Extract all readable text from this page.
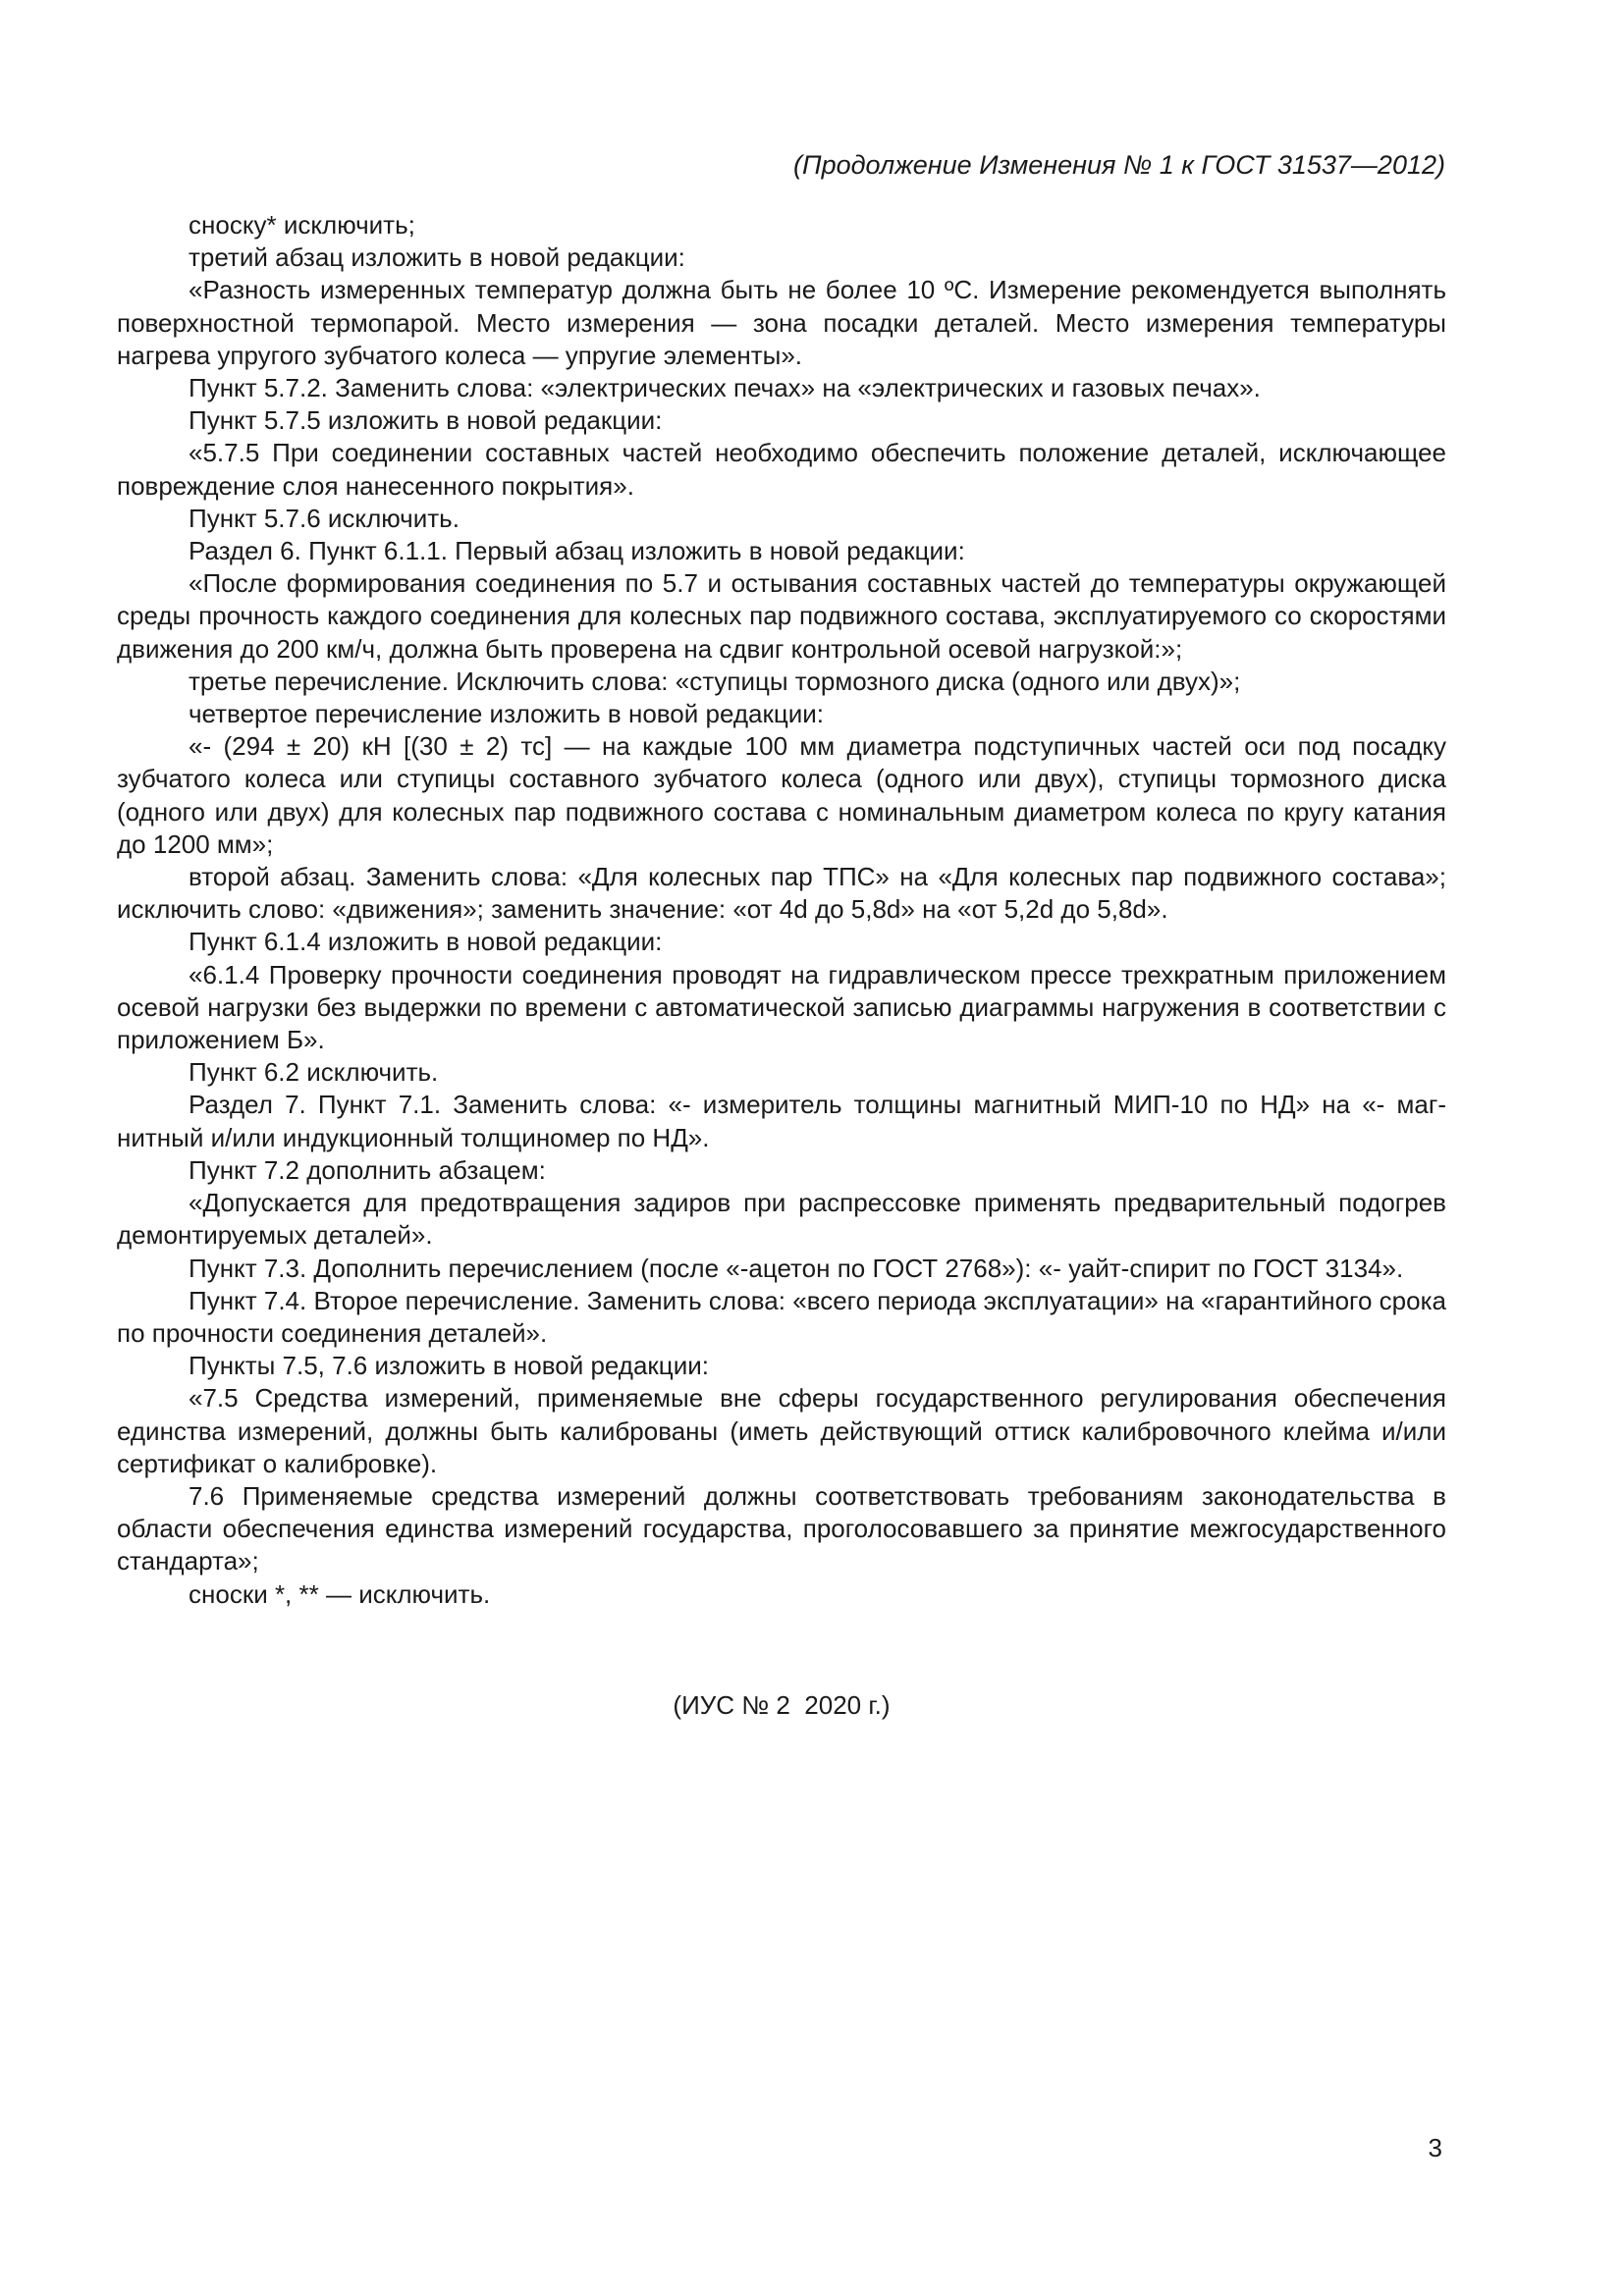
(Продолжение Изменения № 1 к ГОСТ 31537—2012)

сноску* исключить;

третий абзац изложить в новой редакции:

«Разность измеренных температур должна быть не более 10 ºС. Измерение рекомендуется выполнять поверхностной термопарой. Место измерения — зона посадки деталей. Место измерения температуры нагрева упругого зубчатого колеса — упругие элементы».

Пункт 5.7.2. Заменить слова: «электрических печах» на «электрических и газовых печах».

Пункт 5.7.5 изложить в новой редакции:

«5.7.5 При соединении составных частей необходимо обеспечить положение деталей, исключающее повреждение слоя нанесенного покрытия».

Пункт 5.7.6 исключить.

Раздел 6. Пункт 6.1.1. Первый абзац изложить в новой редакции:

«После формирования соединения по 5.7 и остывания составных частей до температуры окружающей среды прочность каждого соединения для колесных пар подвижного состава, эксплуатируемого со скоростями движения до 200 км/ч, должна быть проверена на сдвиг контрольной осевой нагрузкой:»;

третье перечисление. Исключить слова: «ступицы тормозного диска (одного или двух)»;

четвертое перечисление изложить в новой редакции:

«- (294 ± 20) кН [(30 ± 2) тс] — на каждые 100 мм диаметра подступичных частей оси под посадку зубчатого колеса или ступицы составного зубчатого колеса (одного или двух), ступицы тормозного диска (одного или двух) для колесных пар подвижного состава с номинальным диаметром колеса по кругу катания до 1200 мм»;

второй абзац. Заменить слова: «Для колесных пар ТПС» на «Для колесных пар подвижного состава»; исключить слово: «движения»; заменить значение: «от 4d до 5,8d» на «от 5,2d до 5,8d».

Пункт 6.1.4 изложить в новой редакции:

«6.1.4 Проверку прочности соединения проводят на гидравлическом прессе трехкратным приложением осевой нагрузки без выдержки по времени с автоматической записью диаграммы нагружения в соответствии с приложением Б».

Пункт 6.2 исключить.

Раздел 7. Пункт 7.1. Заменить слова: «- измеритель толщины магнитный МИП-10 по НД» на «- магнитный и/или индукционный толщиномер по НД».

Пункт 7.2 дополнить абзацем:

«Допускается для предотвращения задиров при распрессовке применять предварительный подогрев демонтируемых деталей».

Пункт 7.3. Дополнить перечислением (после «-ацетон по ГОСТ 2768»): «- уайт-спирит по ГОСТ 3134».

Пункт 7.4. Второе перечисление. Заменить слова: «всего периода эксплуатации» на «гарантийного срока по прочности соединения деталей».

Пункты 7.5, 7.6 изложить в новой редакции:

«7.5 Средства измерений, применяемые вне сферы государственного регулирования обеспечения единства измерений, должны быть калиброваны (иметь действующий оттиск калибровочного клейма и/или сертификат о калибровке).

7.6 Применяемые средства измерений должны соответствовать требованиям законодательства в области обеспечения единства измерений государства, проголосовавшего за принятие межгосударственного стандарта»;

сноски *, ** — исключить.

(ИУС № 2  2020 г.)
3
